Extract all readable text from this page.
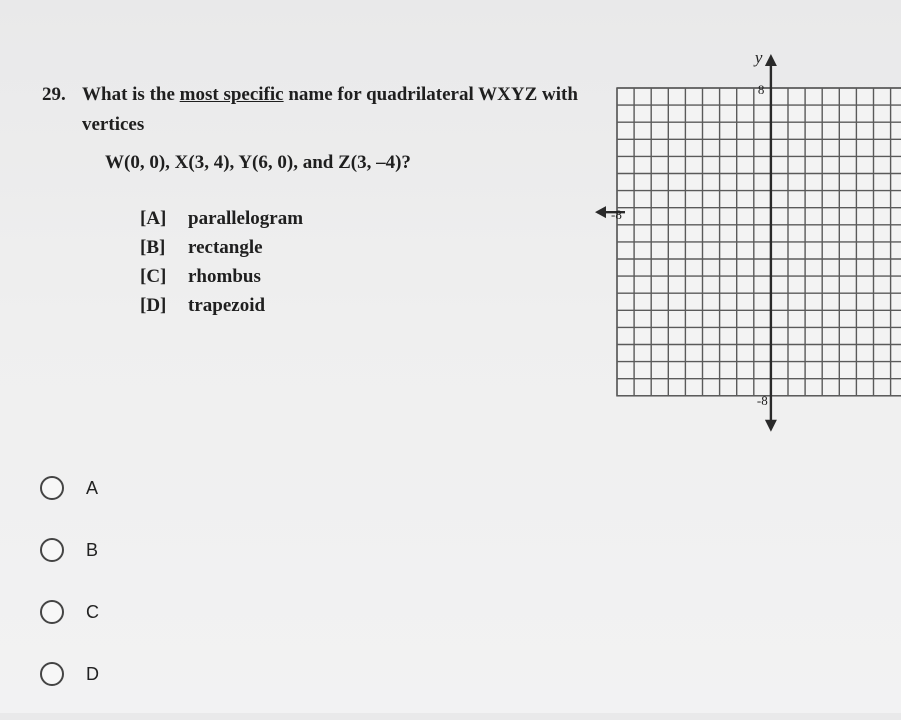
29. What is the most specific name for quadrilateral WXYZ with vertices
W(0, 0), X(3, 4), Y(6, 0), and Z(3, –4)?
[A] parallelogram
[B] rectangle
[C] rhombus
[D] trapezoid
y
8
-8
-8
A
B
C
D
